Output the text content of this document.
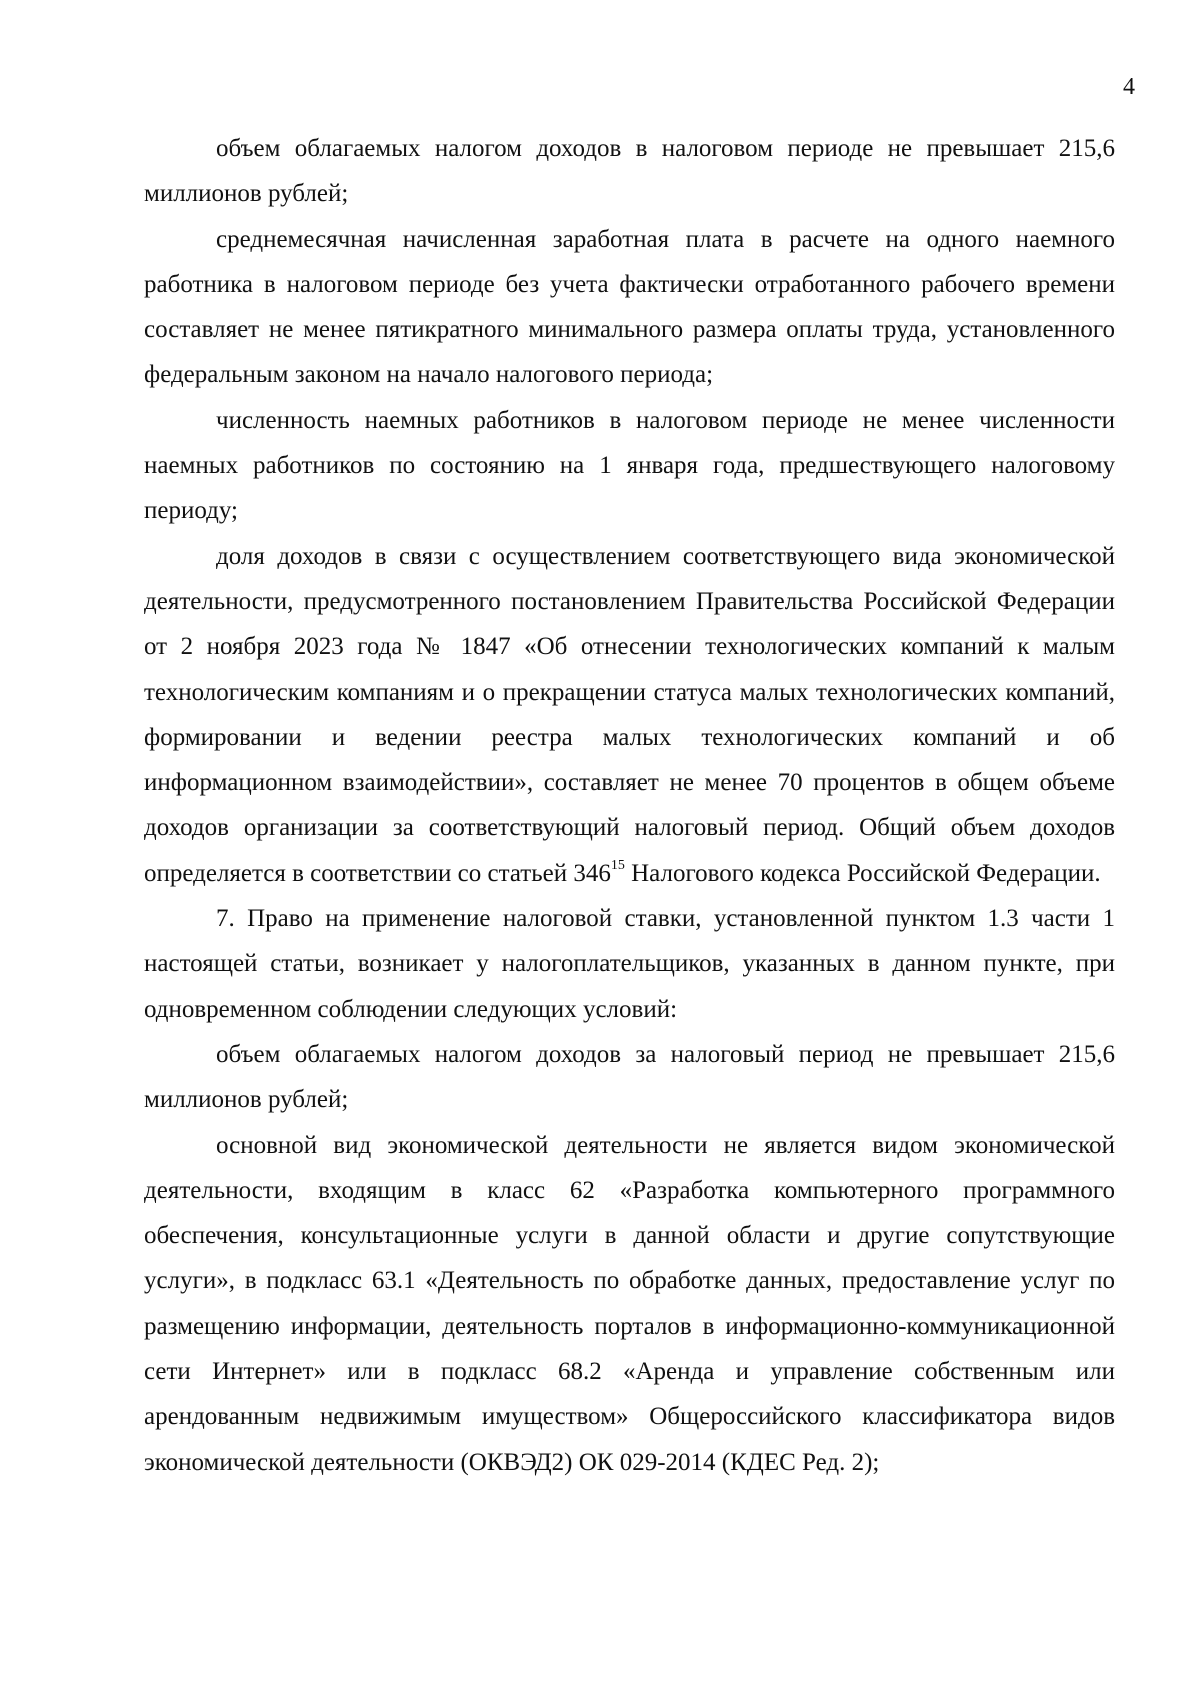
4

объем облагаемых налогом доходов в налоговом периоде не превышает 215,6 миллионов рублей;

среднемесячная начисленная заработная плата в расчете на одного наемного работника в налоговом периоде без учета фактически отработанного рабочего времени составляет не менее пятикратного минимального размера оплаты труда, установленного федеральным законом на начало налогового периода;

численность наемных работников в налоговом периоде не менее численности наемных работников по состоянию на 1 января года, предшествующего налоговому периоду;

доля доходов в связи с осуществлением соответствующего вида экономической деятельности, предусмотренного постановлением Правительства Российской Федерации от 2 ноября 2023 года № 1847 «Об отнесении технологических компаний к малым технологическим компаниям и о прекращении статуса малых технологических компаний, формировании и ведении реестра малых технологических компаний и об информационном взаимодействии», составляет не менее 70 процентов в общем объеме доходов организации за соответствующий налоговый период. Общий объем доходов определяется в соответствии со статьей $346^{15}$ Налогового кодекса Российской Федерации.

7. Право на применение налоговой ставки, установленной пунктом 1.3 части 1 настоящей статьи, возникает у налогоплательщиков, указанных в данном пункте, при одновременном соблюдении следующих условий:

объем облагаемых налогом доходов за налоговый период не превышает 215,6 миллионов рублей;

основной вид экономической деятельности не является видом экономической деятельности, входящим в класс 62 «Разработка компьютерного программного обеспечения, консультационные услуги в данной области и другие сопутствующие услуги», в подкласс 63.1 «Деятельность по обработке данных, предоставление услуг по размещению информации, деятельность порталов в информационно-коммуникационной сети Интернет» или в подкласс 68.2 «Аренда и управление собственным или арендованным недвижимым имуществом» Общероссийского классификатора видов экономической деятельности (ОКВЭД2) ОК 029-2014 (КДЕС Ред. 2);
